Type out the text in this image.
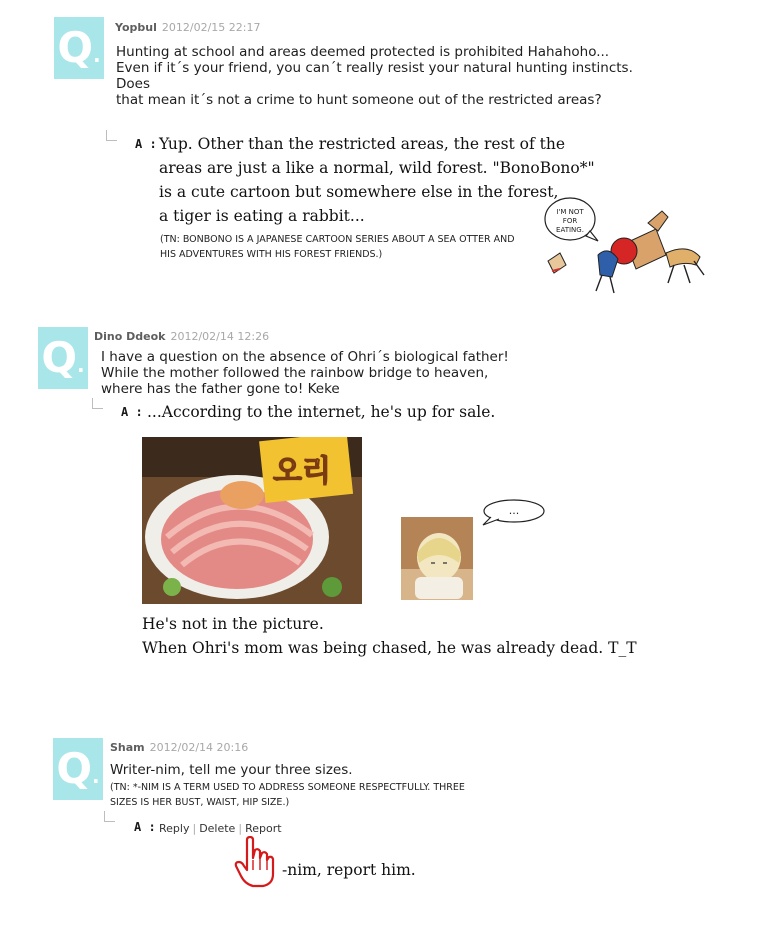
Q.
Yopbul 2012/02/15 22:17
Hunting at school and areas deemed protected is prohibited Hahahoho...
Even if it´s your friend, you can´t really resist your natural hunting instincts. Does
that mean it´s not a crime to hunt someone out of the restricted areas?
A : Yup. Other than the restricted areas, the rest of the
areas are just a like a normal, wild forest. "BonoBono*"
is a cute cartoon but somewhere else in the forest,
a tiger is eating a rabbit...
(TN: BONBONO IS A JAPANESE CARTOON SERIES ABOUT A SEA OTTER AND
HIS ADVENTURES WITH HIS FOREST FRIENDS.)
I'M NOT
FOR
EATING.
Q.
Dino Ddeok 2012/02/14 12:26
I have a question on the absence of Ohri´s biological father!
While the mother followed the rainbow bridge to heaven,
where has the father gone to! Keke
A : ...According to the internet, he's up for sale.
오리
...
He's not in the picture.
When Ohri's mom was being chased, he was already dead. T_T
Q.
Sham 2012/02/14 20:16
Writer-nim, tell me your three sizes.
(TN: *-NIM IS A TERM USED TO ADDRESS SOMEONE RESPECTFULLY. THREE
SIZES IS HER BUST, WAIST, HIP SIZE.)
A : Reply | Delete | Report
-nim, report him.
